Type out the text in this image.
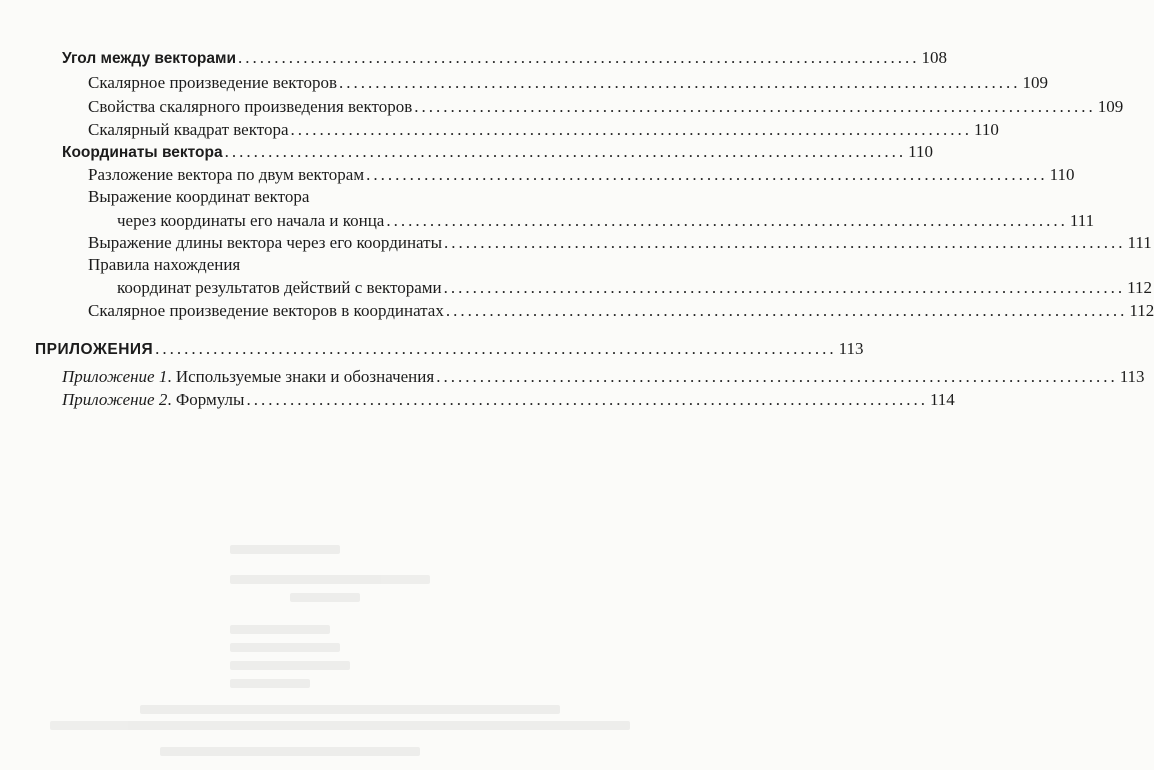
Угол между векторами .............................................................................................. 108
Скалярное произведение векторов .............................................................................................. 109
Свойства скалярного произведения векторов .............................................................................................. 109
Скалярный квадрат вектора .............................................................................................. 110
Координаты вектора .............................................................................................. 110
Разложение вектора по двум векторам .............................................................................................. 110
Выражение координат вектора
через координаты его начала и конца .............................................................................................. 111
Выражение длины вектора через его координаты .............................................................................................. 111
Правила нахождения
координат результатов действий с векторами .............................................................................................. 112
Скалярное произведение векторов в координатах .............................................................................................. 112
ПРИЛОЖЕНИЯ .............................................................................................. 113
Приложение 1. Используемые знаки и обозначения .............................................................................................. 113
Приложение 2. Формулы .............................................................................................. 114
